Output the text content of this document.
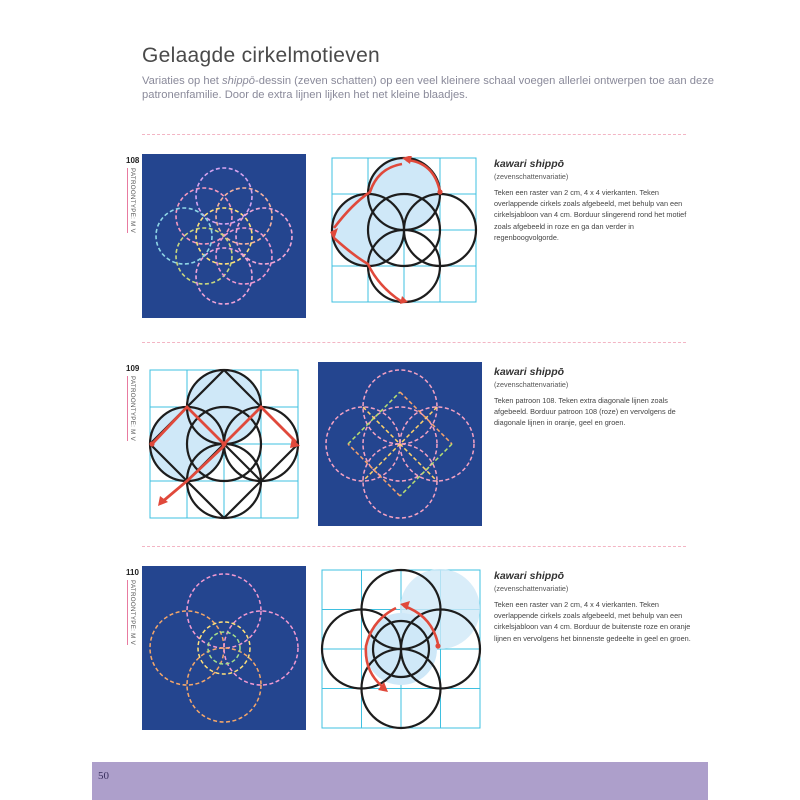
Gelaagde cirkelmotieven

Variaties op het shippō-dessin (zeven schatten) op een veel kleinere schaal voegen allerlei ontwerpen toe aan deze patronenfamilie. Door de extra lijnen lijken het net kleine blaadjes.

108
PATROONTYPE: M V

kawari shippō

(zevenschattenvariatie)

Teken een raster van 2 cm, 4 x 4 vierkanten. Teken overlappende cirkels zoals afgebeeld, met behulp van een cirkelsjabloon van 4 cm. Borduur slingerend rond het motief zoals afgebeeld in roze en ga dan verder in regenboogvolgorde.

109
PATROONTYPE: M V

kawari shippō

(zevenschattenvariatie)

Teken patroon 108. Teken extra diagonale lijnen zoals afgebeeld. Borduur patroon 108 (roze) en vervolgens de diagonale lijnen in oranje, geel en groen.

110
PATROONTYPE: M V

kawari shippō

(zevenschattenvariatie)

Teken een raster van 2 cm, 4 x 4 vierkanten. Teken overlappende cirkels zoals afgebeeld, met behulp van een cirkelsjabloon van 4 cm. Borduur de buitenste roze en oranje lijnen en vervolgens het binnenste gedeelte in geel en groen.

50
